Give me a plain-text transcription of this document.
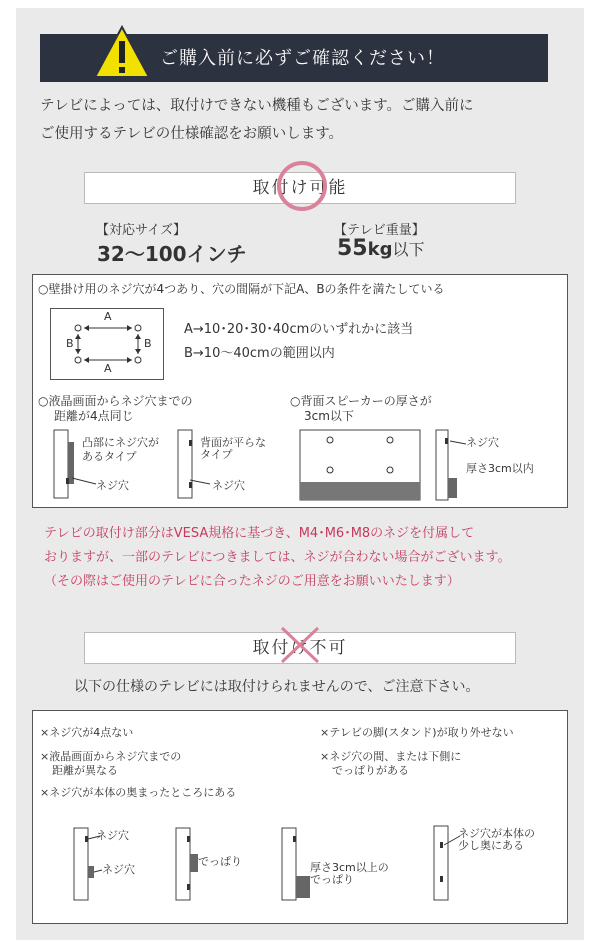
ご購入前に必ずご確認ください！
テレビによっては、取付けできない機種もございます。ご購入前に
ご使用するテレビの仕様確認をお願いします。
取付け可能
【対応サイズ】
32〜100インチ
【テレビ重量】
55kg以下
○壁掛け用のネジ穴が4つあり、穴の間隔が下記A、Bの条件を満たしている
A
A
B	B
A→10･20･30･40cmのいずれかに該当
B→10〜40cmの範囲以内
○液晶画面からネジ穴までの
距離が4点同じ
凸部にネジ穴が
あるタイプ
ネジ穴
背面が平らな
タイプ
ネジ穴
○背面スピーカーの厚さが
3cm以下
ネジ穴
厚さ3cm以内
テレビの取付け部分はVESA規格に基づき、M4･M6･M8のネジを付属して
おりますが、一部のテレビにつきましては、ネジが合わない場合がございます。
（その際はご使用のテレビに合ったネジのご用意をお願いいたします）
取付け不可
以下の仕様のテレビには取付けられませんので、ご注意下さい。
×ネジ穴が4点ない
×液晶画面からネジ穴までの
距離が異なる
×ネジ穴が本体の奥まったところにある
×テレビの脚(スタンド)が取り外せない
×ネジ穴の間、または下側に
でっぱりがある
ネジ穴
ネジ穴
でっぱり	厚さ3cm以上の
でっぱり
ネジ穴が本体の
少し奥にある
